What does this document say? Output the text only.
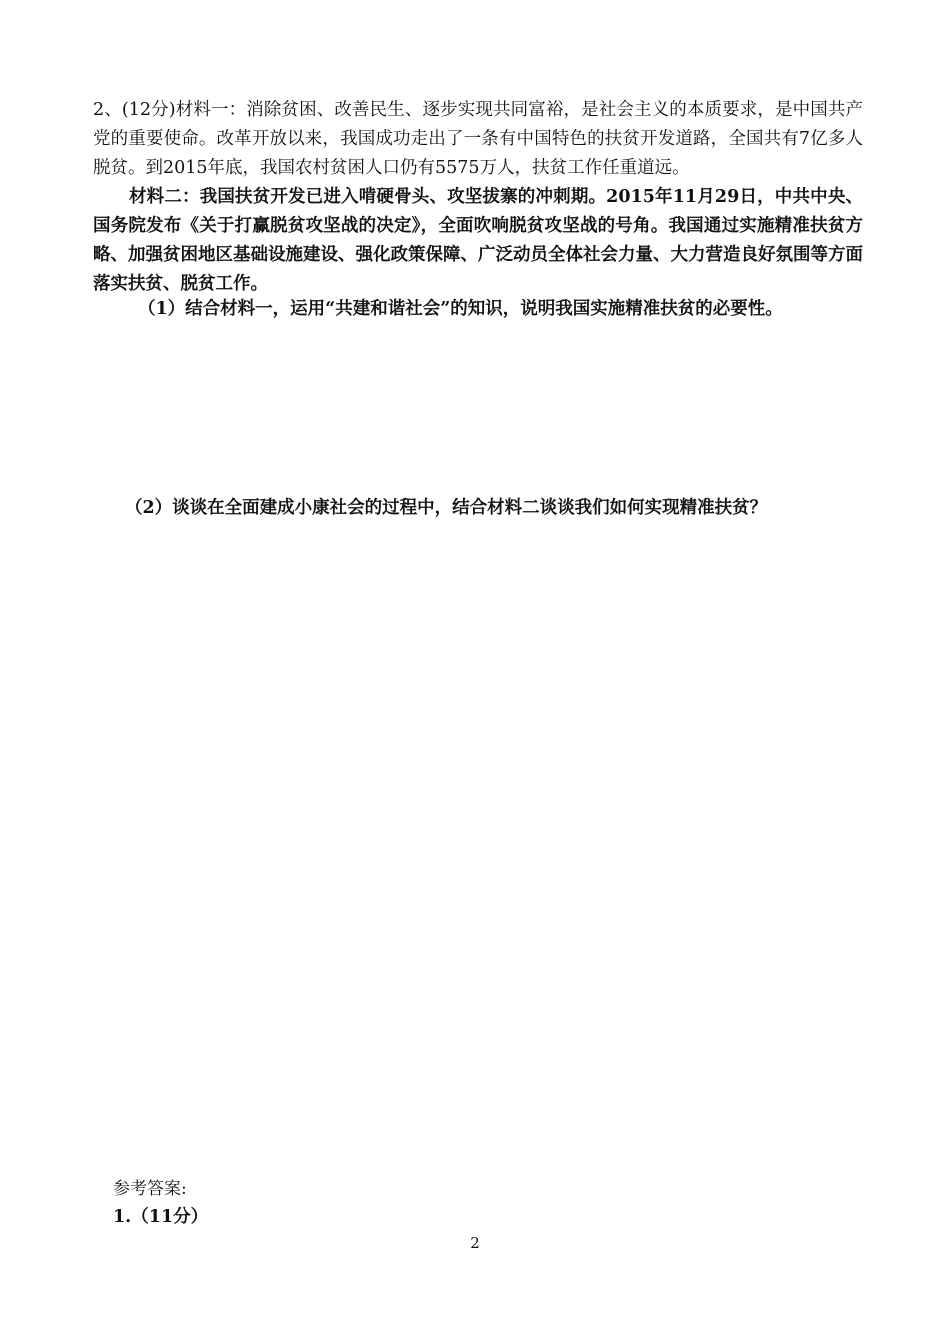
2、(12分)材料一：消除贫困、改善民生、逐步实现共同富裕，是社会主义的本质要求，是中国共产党的重要使命。改革开放以来，我国成功走出了一条有中国特色的扶贫开发道路，全国共有7亿多人脱贫。到2015年底，我国农村贫困人口仍有5575万人，扶贫工作任重道远。

材料二：我国扶贫开发已进入啃硬骨头、攻坚拔寨的冲刺期。2015年11月29日，中共中央、国务院发布《关于打赢脱贫攻坚战的决定》，全面吹响脱贫攻坚战的号角。我国通过实施精准扶贫方略、加强贫困地区基础设施建设、强化政策保障、广泛动员全体社会力量、大力营造良好氛围等方面落实扶贫、脱贫工作。

（1）结合材料一，运用“共建和谐社会”的知识，说明我国实施精准扶贫的必要性。

（2）谈谈在全面建成小康社会的过程中，结合材料二谈谈我们如何实现精准扶贫？

参考答案:

1.（11分）

2
